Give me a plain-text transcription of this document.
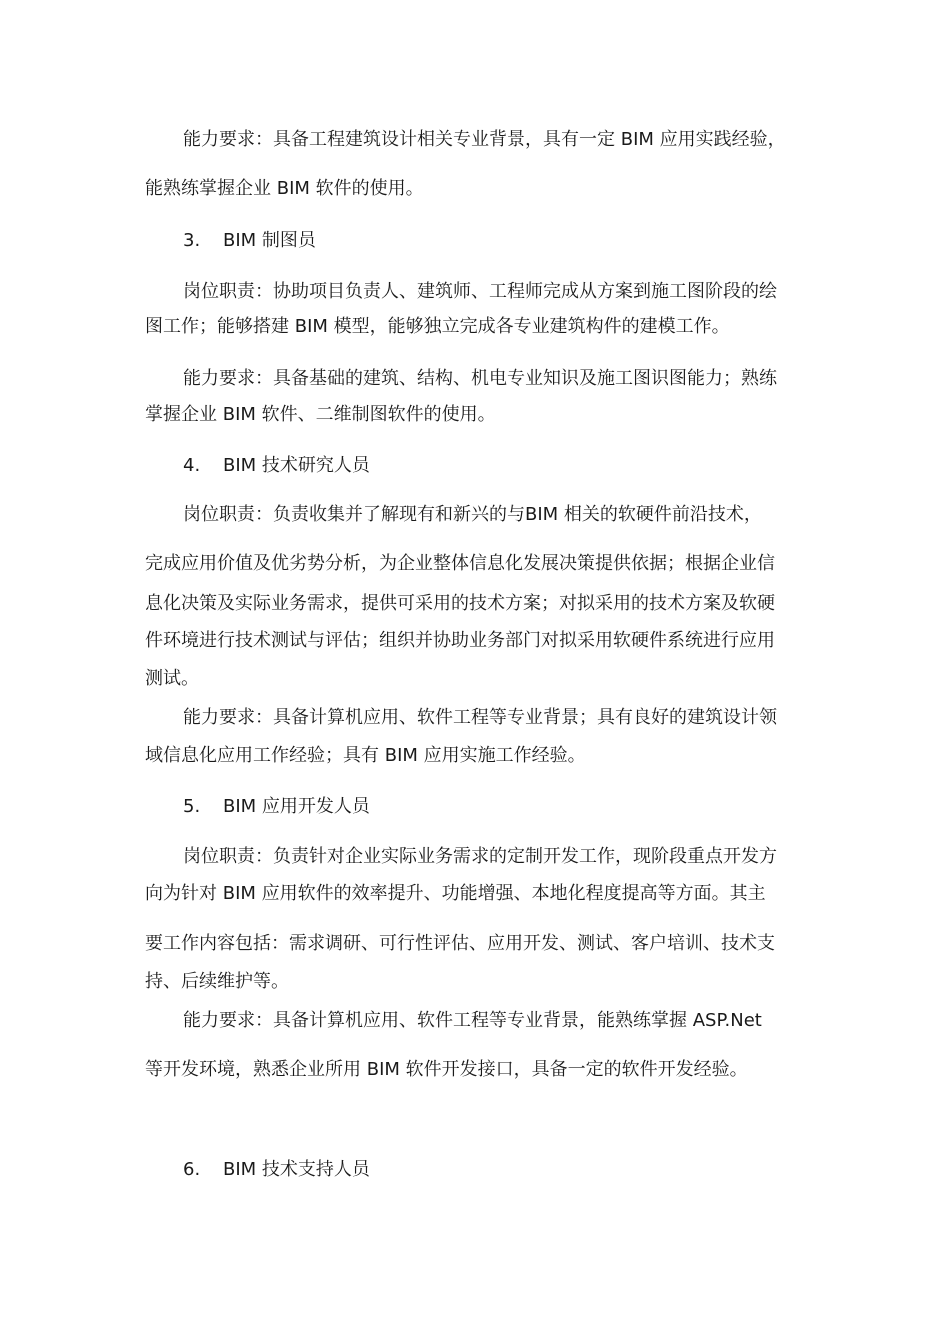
能力要求：具备工程建筑设计相关专业背景，具有一定 BIM 应用实践经验，

能熟练掌握企业 BIM 软件的使用。

3. BIM 制图员

岗位职责：协助项目负责人、建筑师、工程师完成从方案到施工图阶段的绘

图工作；能够搭建 BIM 模型，能够独立完成各专业建筑构件的建模工作。

能力要求：具备基础的建筑、结构、机电专业知识及施工图识图能力；熟练

掌握企业 BIM 软件、二维制图软件的使用。

4. BIM 技术研究人员

岗位职责：负责收集并了解现有和新兴的与BIM 相关的软硬件前沿技术，

完成应用价值及优劣势分析，为企业整体信息化发展决策提供依据；根据企业信

息化决策及实际业务需求，提供可采用的技术方案；对拟采用的技术方案及软硬

件环境进行技术测试与评估；组织并协助业务部门对拟采用软硬件系统进行应用

测试。

能力要求：具备计算机应用、软件工程等专业背景；具有良好的建筑设计领

域信息化应用工作经验；具有 BIM 应用实施工作经验。

5. BIM 应用开发人员

岗位职责：负责针对企业实际业务需求的定制开发工作，现阶段重点开发方

向为针对 BIM 应用软件的效率提升、功能增强、本地化程度提高等方面。其主

要工作内容包括：需求调研、可行性评估、应用开发、测试、客户培训、技术支

持、后续维护等。

能力要求：具备计算机应用、软件工程等专业背景，能熟练掌握 ASP.Net

等开发环境，熟悉企业所用 BIM 软件开发接口，具备一定的软件开发经验。

6. BIM 技术支持人员
